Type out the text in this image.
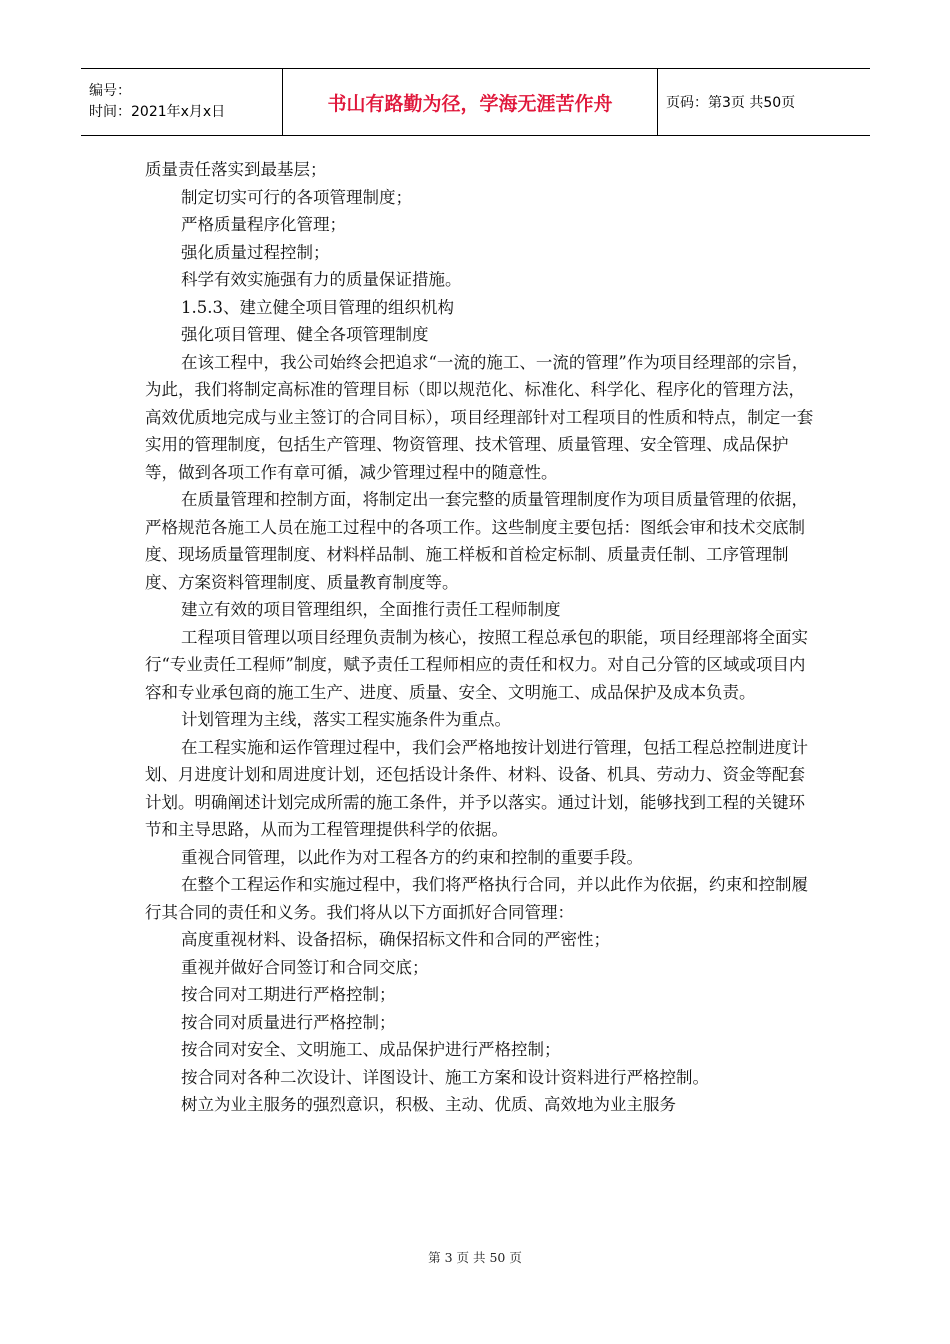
编号：
时间：2021年x月x日	书山有路勤为径，学海无涯苦作舟	页码：第3页 共50页

质量责任落实到最基层；

制定切实可行的各项管理制度；

严格质量程序化管理；

强化质量过程控制；

科学有效实施强有力的质量保证措施。

1.5.3、建立健全项目管理的组织机构

强化项目管理、健全各项管理制度

在该工程中，我公司始终会把追求“一流的施工、一流的管理”作为项目经理部的宗旨，为此，我们将制定高标准的管理目标（即以规范化、标准化、科学化、程序化的管理方法，高效优质地完成与业主签订的合同目标），项目经理部针对工程项目的性质和特点，制定一套实用的管理制度，包括生产管理、物资管理、技术管理、质量管理、安全管理、成品保护等，做到各项工作有章可循，减少管理过程中的随意性。

在质量管理和控制方面，将制定出一套完整的质量管理制度作为项目质量管理的依据，严格规范各施工人员在施工过程中的各项工作。这些制度主要包括：图纸会审和技术交底制度、现场质量管理制度、材料样品制、施工样板和首检定标制、质量责任制、工序管理制度、方案资料管理制度、质量教育制度等。

建立有效的项目管理组织，全面推行责任工程师制度

工程项目管理以项目经理负责制为核心，按照工程总承包的职能，项目经理部将全面实行“专业责任工程师”制度，赋予责任工程师相应的责任和权力。对自己分管的区域或项目内容和专业承包商的施工生产、进度、质量、安全、文明施工、成品保护及成本负责。

计划管理为主线，落实工程实施条件为重点。

在工程实施和运作管理过程中，我们会严格地按计划进行管理，包括工程总控制进度计划、月进度计划和周进度计划，还包括设计条件、材料、设备、机具、劳动力、资金等配套计划。明确阐述计划完成所需的施工条件，并予以落实。通过计划，能够找到工程的关键环节和主导思路，从而为工程管理提供科学的依据。

重视合同管理，以此作为对工程各方的约束和控制的重要手段。

在整个工程运作和实施过程中，我们将严格执行合同，并以此作为依据，约束和控制履行其合同的责任和义务。我们将从以下方面抓好合同管理：

高度重视材料、设备招标，确保招标文件和合同的严密性；

重视并做好合同签订和合同交底；

按合同对工期进行严格控制；

按合同对质量进行严格控制；

按合同对安全、文明施工、成品保护进行严格控制；

按合同对各种二次设计、详图设计、施工方案和设计资料进行严格控制。

树立为业主服务的强烈意识，积极、主动、优质、高效地为业主服务

第 3 页 共 50 页
